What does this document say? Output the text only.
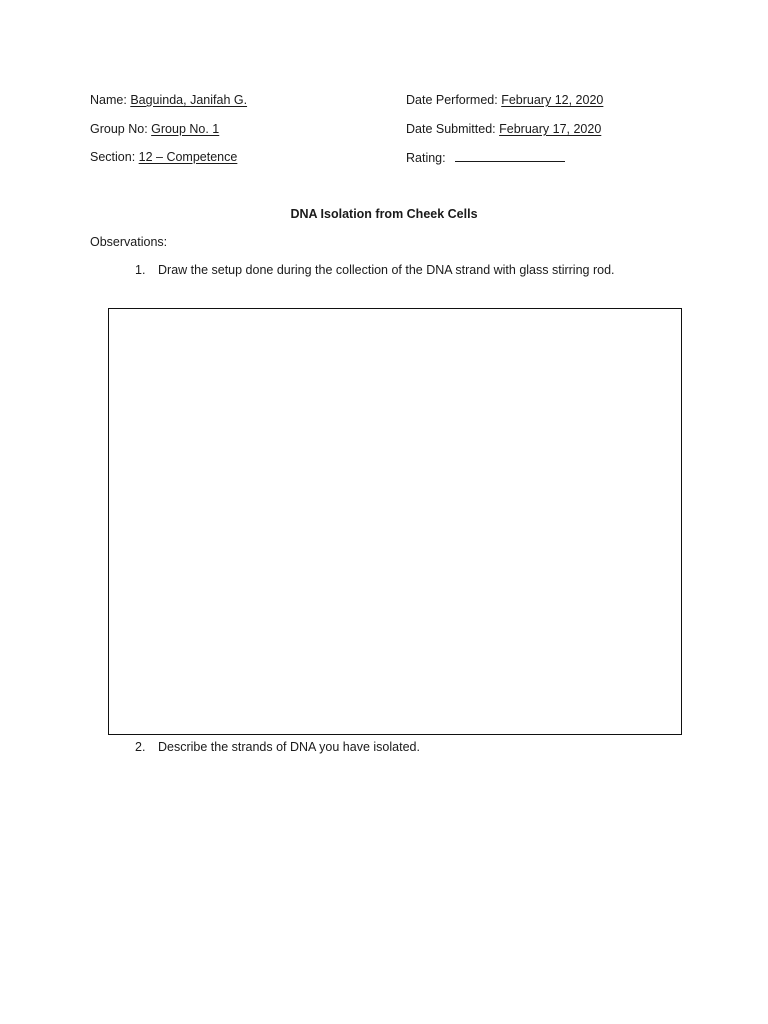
Name: Baguinda, Janifah G.
Group No: Group No. 1
Section: 12 – Competence
Date Performed: February 12, 2020
Date Submitted: February 17, 2020
Rating:
DNA Isolation from Cheek Cells
Observations:
1. Draw the setup done during the collection of the DNA strand with glass stirring rod.
2. Describe the strands of DNA you have isolated.
